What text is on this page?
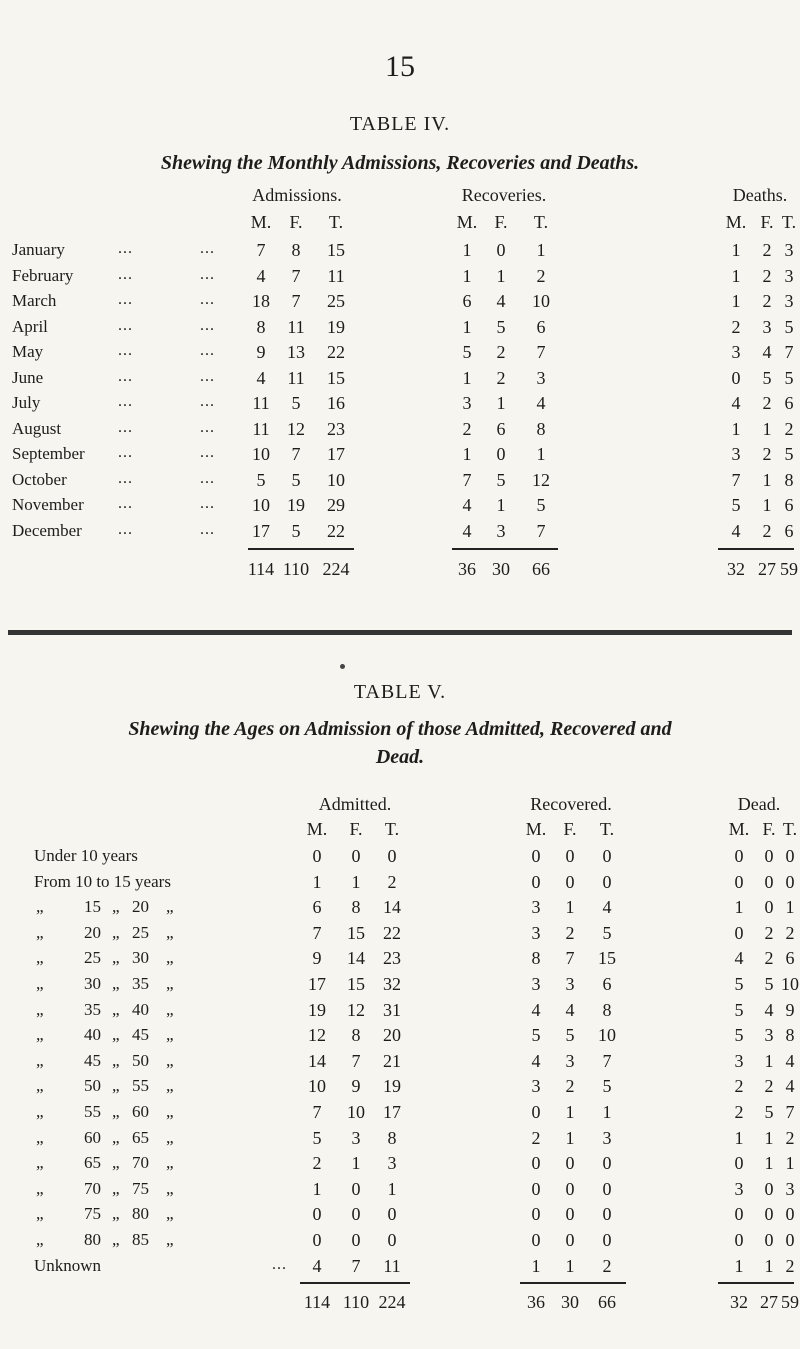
15
TABLE IV.
Shewing the Monthly Admissions, Recoveries and Deaths.
Admissions.
M.	F.	T.
Recoveries.
M. F.	T.
Deaths.
M. F. T.
January	...	...	7	8	15	1	0	1	1	2 3
February	...	...	4	7	11	1	1	2	1	2 3
March	...	...	18	7	25	6	4	10	1	2 3
April	...	...	8	11	19	1	5	6	2	3 5
May	...	...	9	13	22	5	2	7	3	4 7
June	...	...	4	11	15	1	2	3	0	5 5
July	...	...	11	5	16	3	1	4	4	2 6
August	...	...	11 12	23	2	6	8	1	1 2
September ...	...	10	7	17	1	0	1	3	2 5
October	...	...	5	5	10	7	5	12	7	1 8
November ...	...	10 19	29	4	1	5	5	1 6
December ...	...	17	5	22	4	3	7	4	2 6
114 110 224	36 30	66	32 27 59
TABLE V.
Shewing the Ages on Admission of those Admitted, Recovered and
Dead.
Admitted.
M.	F.	T.
Recovered.
M. F.	T.
Dead.
M. F. T.
Under 10 years	0	0	0	0	0	0	0	0 0
From 10 to 15 years	1	1	2	0	0	0	0	0 0
„ 15 „ 20 „	6	8	14	3	1	4	1	0 1
„ 20 „ 25 „	7	15	22	3	2	5	0	2 2
„ 25 „ 30 „	9	14	23	8	7	15	4	2 6
„ 30 „ 35 „	17	15	32	3	3	6	5	5 10
„ 35 „ 40 „	19	12	31	4	4	8	5	4 9
„ 40 „ 45 „	12	8	20	5	5	10	5	3 8
„ 45 „ 50 „	14	7	21	4	3	7	3	1 4
„ 50 „ 55 „	10	9	19	3	2	5	2	2 4
„ 55 „ 60 „	7	10	17	0	1	1	2	5 7
„ 60 „ 65 „	5	3	8	2	1	3	1	1 2
„ 65 „ 70 „	2	1	3	0	0	0	0	1 1
„ 70 „ 75 „	1	0	1	0	0	0	3	0 3
„ 75 „ 80 „	0	0	0	0	0	0	0	0 0
„ 80 „ 85 „	0	0	0	0	0	0	0	0 0
Unknown	...	4	7	11	1	1	2	1	1 2
114 110 224	36 30	66	32 27 59
